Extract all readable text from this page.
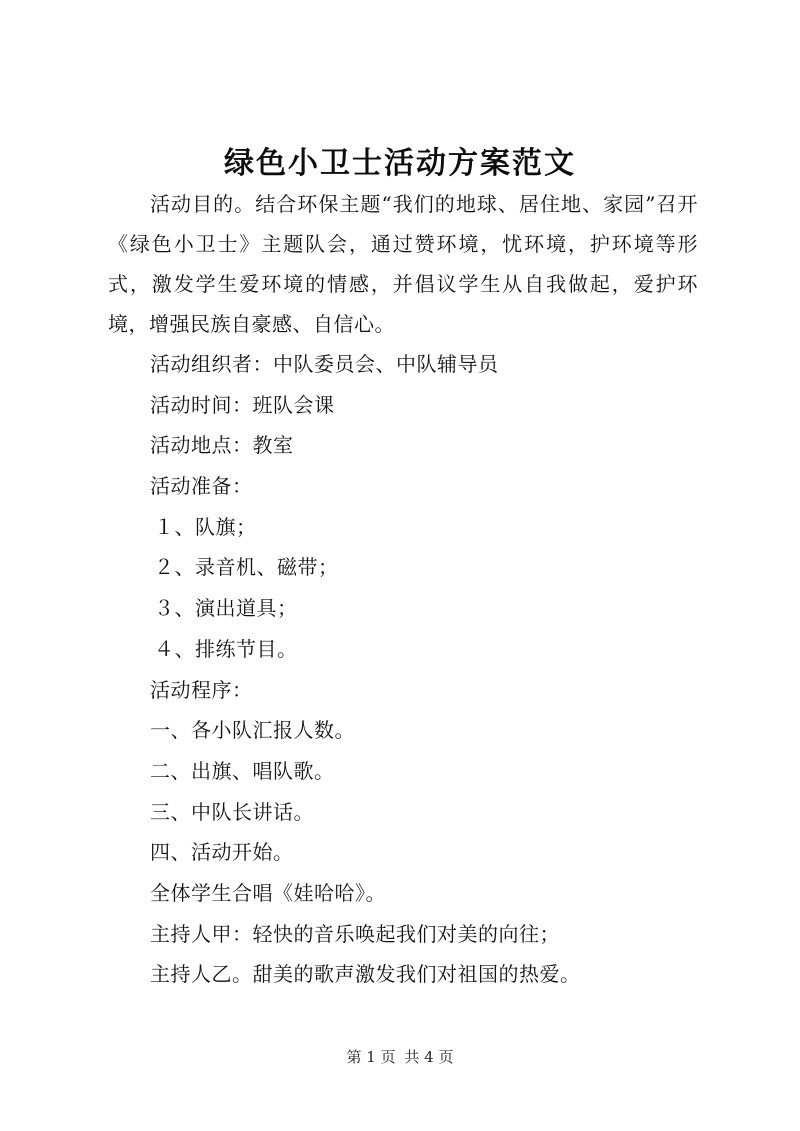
绿色小卫士活动方案范文

活动目的。结合环保主题“我们的地球、居住地、家园”召开《绿色小卫士》主题队会，通过赞环境，忧环境，护环境等形式，激发学生爱环境的情感，并倡议学生从自我做起，爱护环境，增强民族自豪感、自信心。

活动组织者：中队委员会、中队辅导员
活动时间：班队会课
活动地点：教室
活动准备：
１、队旗；
２、录音机、磁带；
３、演出道具；
４、排练节目。
活动程序：
一、各小队汇报人数。
二、出旗、唱队歌。
三、中队长讲话。
四、活动开始。
全体学生合唱《娃哈哈》。
主持人甲：轻快的音乐唤起我们对美的向往；
主持人乙。甜美的歌声激发我们对祖国的热爱。
第 1 页 共 4 页
